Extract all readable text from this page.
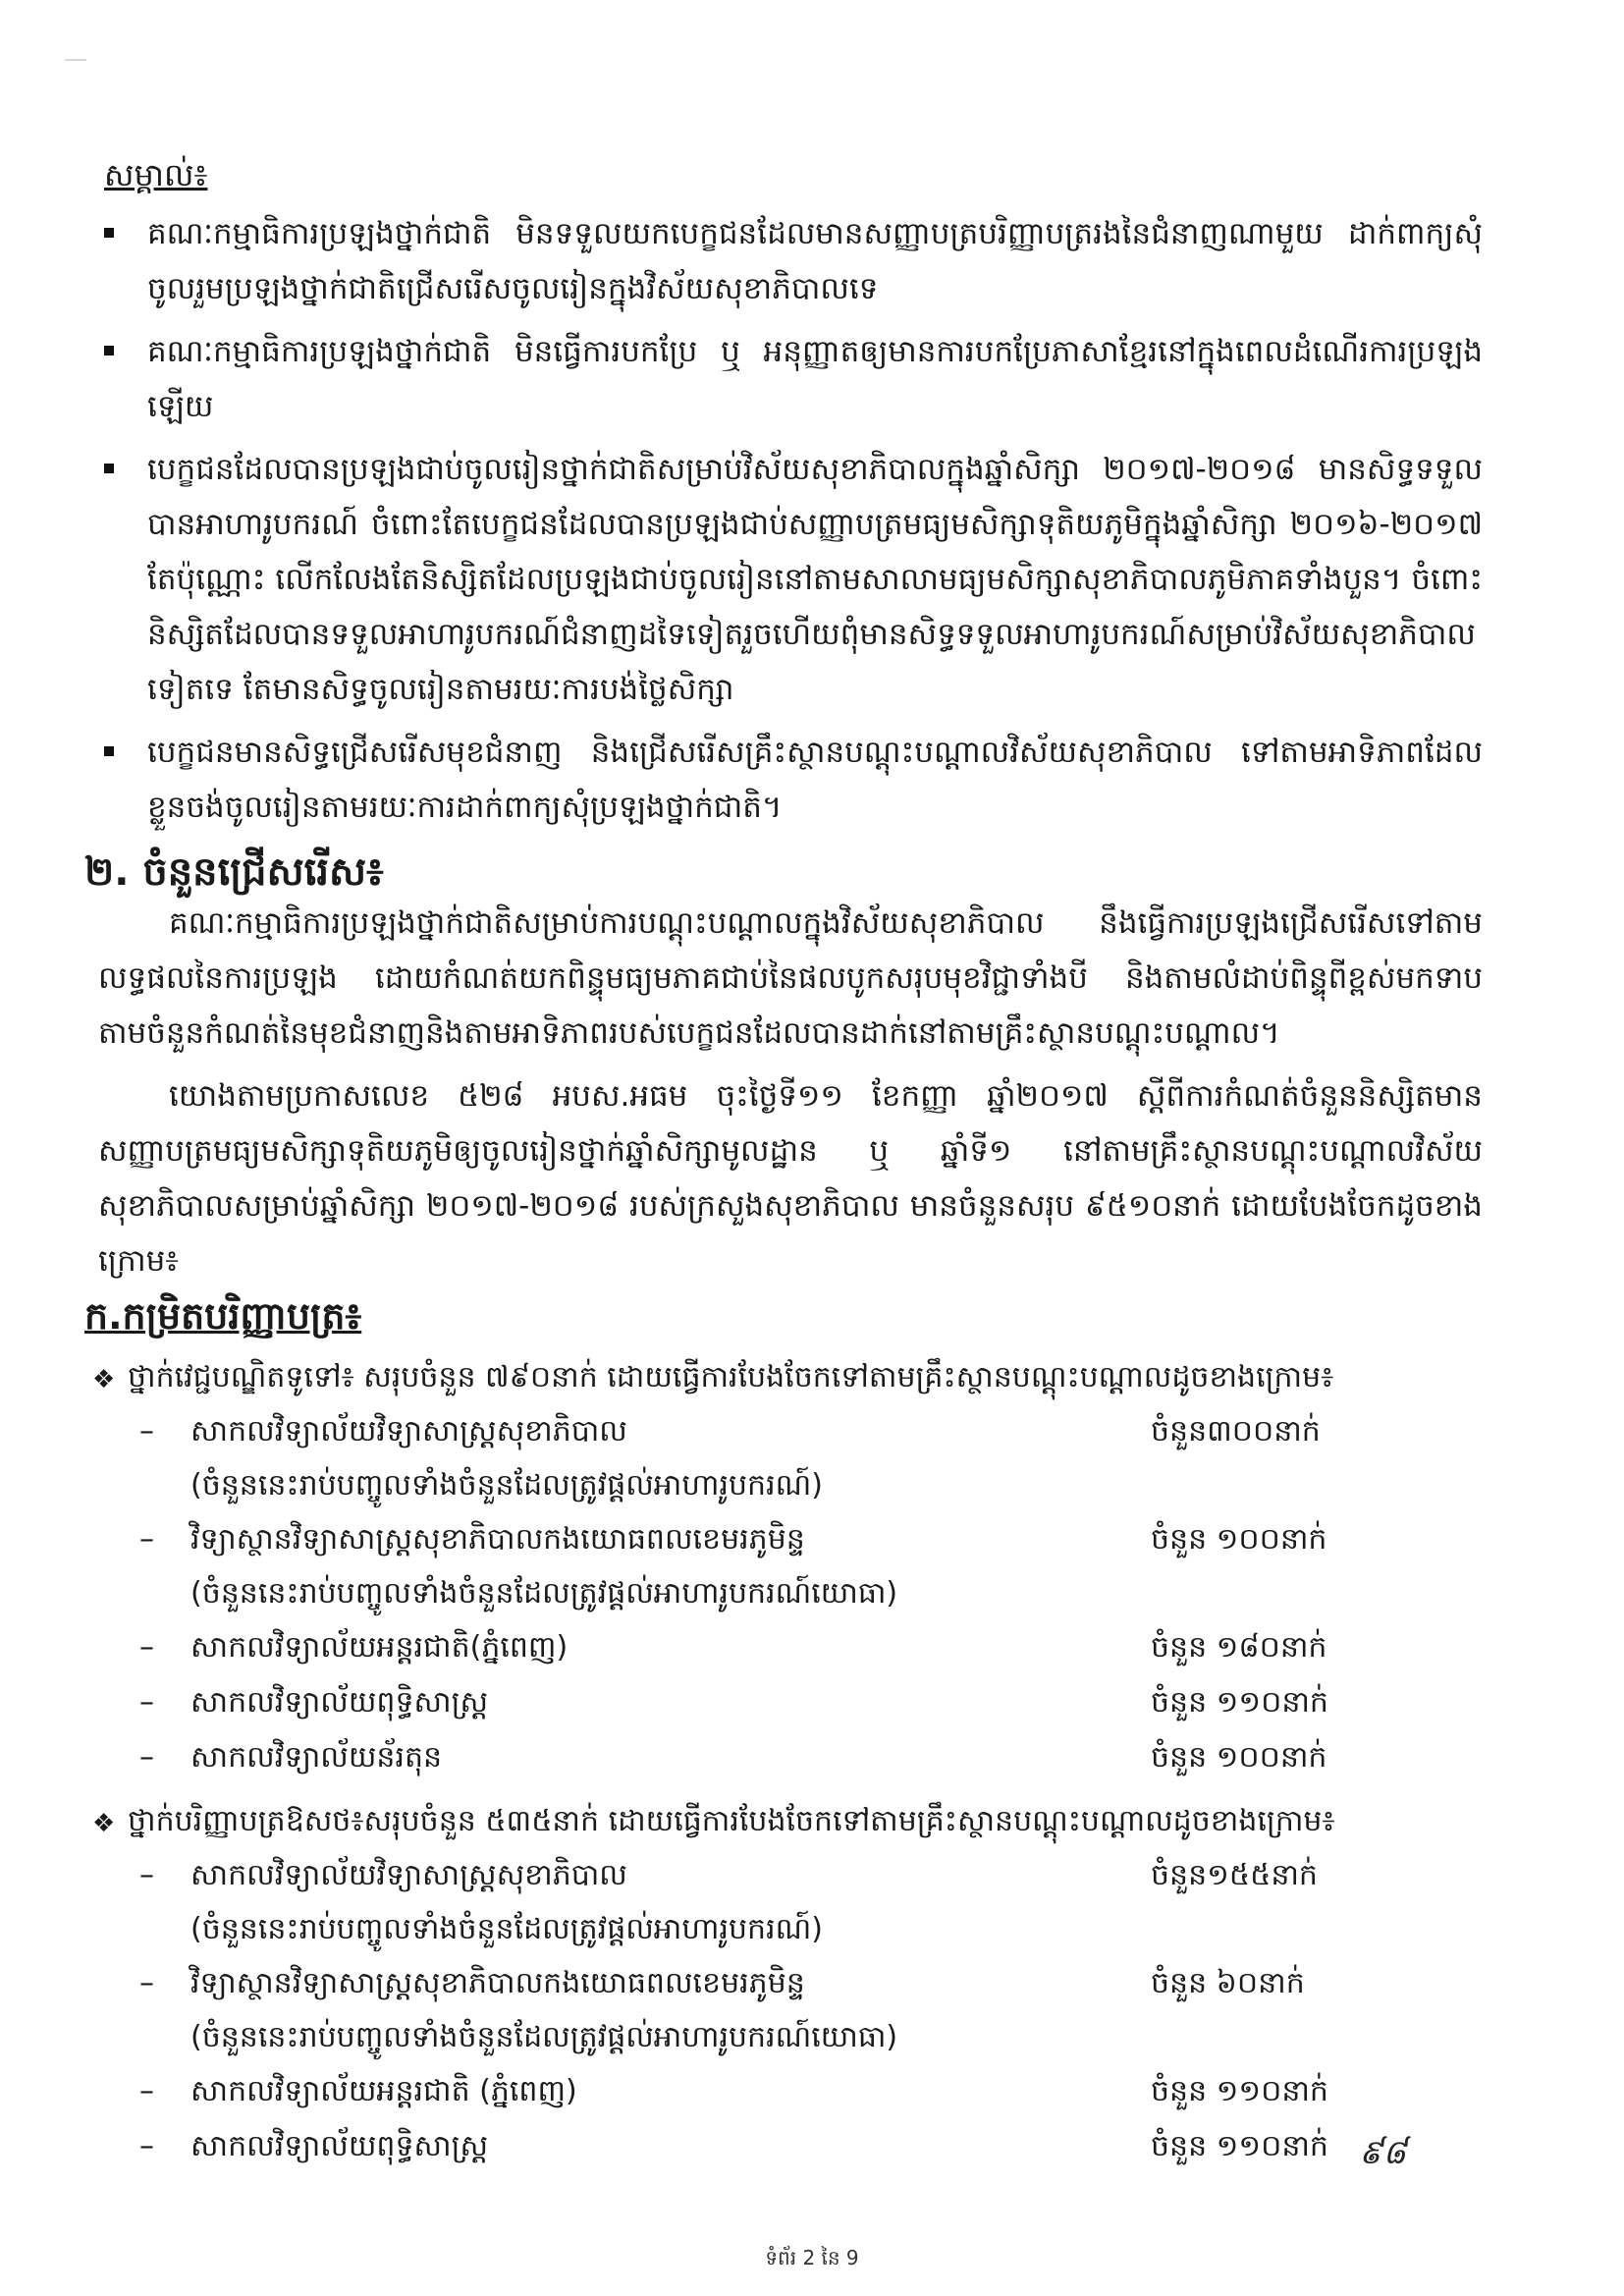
សម្គាល់៖
គណៈកម្មាធិការប្រឡងថ្នាក់ជាតិ មិនទទួលយកបេក្ខជនដែលមានសញ្ញាបត្របរិញ្ញាបត្ររងនៃជំនាញណាមួយ ដាក់ពាក្យសុំចូលរួមប្រឡងថ្នាក់ជាតិជ្រើសរើសចូលរៀនក្នុងវិស័យសុខាភិបាលទេ
គណៈកម្មាធិការប្រឡងថ្នាក់ជាតិ មិនធ្វើការបកប្រែ ឬ អនុញ្ញាតឲ្យមានការបកប្រែភាសាខ្មែរនៅក្នុងពេលដំណើរការប្រឡងឡើយ
បេក្ខជនដែលបានប្រឡងជាប់ចូលរៀនថ្នាក់ជាតិសម្រាប់វិស័យសុខាភិបាលក្នុងឆ្នាំសិក្សា ២០១៧-២០១៨ មានសិទ្ធទទួលបានអាហារូបករណ៍ ចំពោះតែបេក្ខជនដែលបានប្រឡងជាប់សញ្ញាបត្រមធ្យមសិក្សាទុតិយភូមិក្នុងឆ្នាំសិក្សា ២០១៦-២០១៧ តែប៉ុណ្ណោះ លើកលែងតែនិស្សិតដែលប្រឡងជាប់ចូលរៀននៅតាមសាលាមធ្យមសិក្សាសុខាភិបាលភូមិភាគទាំងបួន។ ចំពោះនិស្សិតដែលបានទទួលអាហារូបករណ៍ជំនាញដទៃទៀតរួចហើយពុំមានសិទ្ធទទួលអាហារូបករណ៍សម្រាប់វិស័យសុខាភិបាលទៀតទេ តែមានសិទ្ធចូលរៀនតាមរយៈការបង់ថ្លៃសិក្សា
បេក្ខជនមានសិទ្ធជ្រើសរើសមុខជំនាញ និងជ្រើសរើសគ្រឹះស្ថានបណ្តុះបណ្តាលវិស័យសុខាភិបាល ទៅតាមអាទិភាពដែលខ្លួនចង់ចូលរៀនតាមរយៈការដាក់ពាក្យសុំប្រឡងថ្នាក់ជាតិ។
២. ចំនួនជ្រើសរើស៖
គណៈកម្មាធិការប្រឡងថ្នាក់ជាតិសម្រាប់ការបណ្តុះបណ្តាលក្នុងវិស័យសុខាភិបាល នឹងធ្វើការប្រឡងជ្រើសរើសទៅតាមលទ្ធផលនៃការប្រឡង ដោយកំណត់យកពិន្ទុមធ្យមភាគជាប់នៃផលបូកសរុបមុខវិជ្ជាទាំងបី និងតាមលំដាប់ពិន្ទុពីខ្ពស់មកទាប តាមចំនួនកំណត់នៃមុខជំនាញនិងតាមអាទិភាពរបស់បេក្ខជនដែលបានដាក់នៅតាមគ្រឹះស្ថានបណ្តុះបណ្តាល។
យោងតាមប្រកាសលេខ ៥២៨ អបស.អធម ចុះថ្ងៃទី១១ ខែកញ្ញា ឆ្នាំ២០១៧ ស្តីពីការកំណត់ចំនួននិស្សិតមានសញ្ញាបត្រមធ្យមសិក្សាទុតិយភូមិឲ្យចូលរៀនថ្នាក់ឆ្នាំសិក្សាមូលដ្ឋាន ឬ ឆ្នាំទី១ នៅតាមគ្រឹះស្ថានបណ្តុះបណ្តាលវិស័យសុខាភិបាលសម្រាប់ឆ្នាំសិក្សា ២០១៧-២០១៨ របស់ក្រសួងសុខាភិបាល មានចំនួនសរុប ៩៥១០នាក់ ដោយបែងចែកដូចខាងក្រោម៖
ក.កម្រិតបរិញ្ញាបត្រ៖
❖ ថ្នាក់វេជ្ជបណ្ឌិតទូទៅ៖ សរុបចំនួន ៧៩០នាក់ ដោយធ្វើការបែងចែកទៅតាមគ្រឹះស្ថានបណ្តុះបណ្តាលដូចខាងក្រោម៖
– សាកលវិទ្យាល័យវិទ្យាសាស្ត្រសុខាភិបាល	ចំនួន៣០០នាក់
(ចំនួននេះរាប់បញ្ចូលទាំងចំនួនដែលត្រូវផ្តល់អាហារូបករណ៍)
– វិទ្យាស្ថានវិទ្យាសាស្ត្រសុខាភិបាលកងយោធពលខេមរភូមិន្ទ	ចំនួន ១០០នាក់
(ចំនួននេះរាប់បញ្ចូលទាំងចំនួនដែលត្រូវផ្តល់អាហារូបករណ៍យោធា)
– សាកលវិទ្យាល័យអន្តរជាតិ(ភ្នំពេញ)	ចំនួន ១៨០នាក់
– សាកលវិទ្យាល័យពុទ្ធិសាស្ត្រ	ចំនួន ១១០នាក់
– សាកលវិទ្យាល័យន័រតុន	ចំនួន ១០០នាក់
❖ ថ្នាក់បរិញ្ញាបត្រឱសថ៖សរុបចំនួន ៥៣៥នាក់ ដោយធ្វើការបែងចែកទៅតាមគ្រឹះស្ថានបណ្តុះបណ្តាលដូចខាងក្រោម៖
– សាកលវិទ្យាល័យវិទ្យាសាស្ត្រសុខាភិបាល	ចំនួន១៥៥នាក់
(ចំនួននេះរាប់បញ្ចូលទាំងចំនួនដែលត្រូវផ្តល់អាហារូបករណ៍)
– វិទ្យាស្ថានវិទ្យាសាស្ត្រសុខាភិបាលកងយោធពលខេមរភូមិន្ទ	ចំនួន ៦០នាក់
(ចំនួននេះរាប់បញ្ចូលទាំងចំនួនដែលត្រូវផ្តល់អាហារូបករណ៍យោធា)
– សាកលវិទ្យាល័យអន្តរជាតិ (ភ្នំពេញ)	ចំនួន ១១០នាក់
– សាកលវិទ្យាល័យពុទ្ធិសាស្ត្រ	ចំនួន ១១០នាក់ ៩៨
ទំព័រ 2 នៃ 9
